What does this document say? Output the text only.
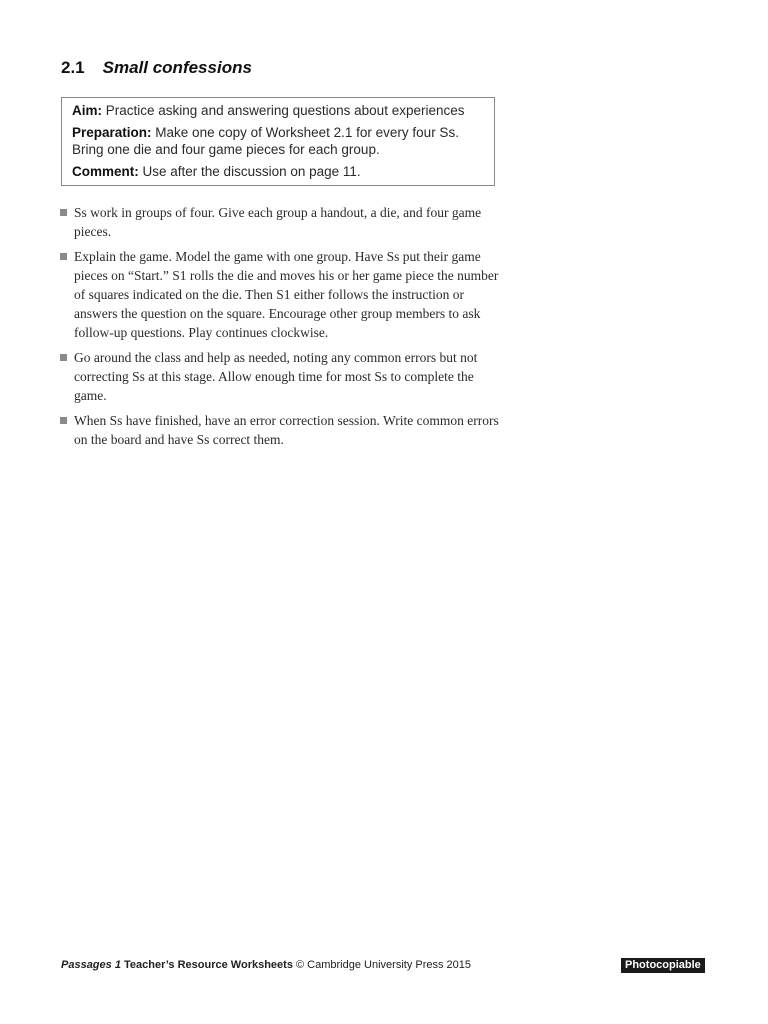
2.1 Small confessions

Aim: Practice asking and answering questions about experiences

Preparation: Make one copy of Worksheet 2.1 for every four Ss. Bring one die and four game pieces for each group.

Comment: Use after the discussion on page 11.

Ss work in groups of four. Give each group a handout, a die, and four game pieces.
Explain the game. Model the game with one group. Have Ss put their game pieces on “Start.” S1 rolls the die and moves his or her game piece the number of squares indicated on the die. Then S1 either follows the instruction or answers the question on the square. Encourage other group members to ask follow-up questions. Play continues clockwise.
Go around the class and help as needed, noting any common errors but not correcting Ss at this stage. Allow enough time for most Ss to complete the game.
When Ss have finished, have an error correction session. Write common errors on the board and have Ss correct them.
Passages 1 Teacher’s Resource Worksheets © Cambridge University Press 2015	Photocopiable
